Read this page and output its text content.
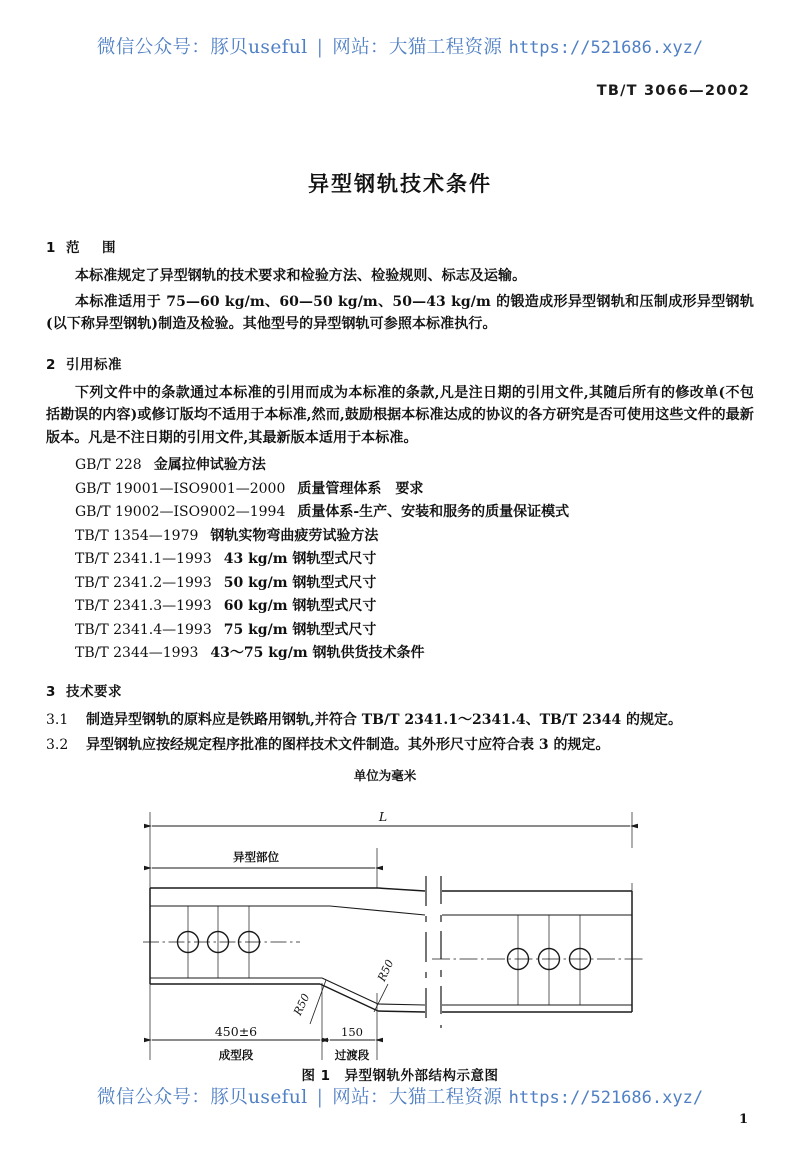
微信公众号：豚贝useful | 网站：大猫工程资源 https://521686.xyz/
TB/T 3066—2002
异型钢轨技术条件
1 范 围

本标准规定了异型钢轨的技术要求和检验方法、检验规则、标志及运输。

本标准适用于 75—60 kg/m、60—50 kg/m、50—43 kg/m 的锻造成形异型钢轨和压制成形异型钢轨(以下称异型钢轨)制造及检验。其他型号的异型钢轨可参照本标准执行。

2 引用标准

下列文件中的条款通过本标准的引用而成为本标准的条款,凡是注日期的引用文件,其随后所有的修改单(不包括勘误的内容)或修订版均不适用于本标准,然而,鼓励根据本标准达成的协议的各方研究是否可使用这些文件的最新版本。凡是不注日期的引用文件,其最新版本适用于本标准。

GB/T 228 金属拉伸试验方法
GB/T 19001—ISO9001—2000 质量管理体系　要求
GB/T 19002—ISO9002—1994 质量体系-生产、安装和服务的质量保证模式
TB/T 1354—1979 钢轨实物弯曲疲劳试验方法
TB/T 2341.1—1993 43 kg/m 钢轨型式尺寸
TB/T 2341.2—1993 50 kg/m 钢轨型式尺寸
TB/T 2341.3—1993 60 kg/m 钢轨型式尺寸
TB/T 2341.4—1993 75 kg/m 钢轨型式尺寸
TB/T 2344—1993 43～75 kg/m 钢轨供货技术条件
3 技术要求
3.1 制造异型钢轨的原料应是铁路用钢轨,并符合 TB/T 2341.1～2341.4、TB/T 2344 的规定。
3.2 异型钢轨应按经规定程序批准的图样技术文件制造。其外形尺寸应符合表 3 的规定。
单位为毫米
L
异型部位
450±6	150
成型段	过渡段
R50
R50
图 1 异型钢轨外部结构示意图
微信公众号：豚贝useful | 网站：大猫工程资源 https://521686.xyz/
1
